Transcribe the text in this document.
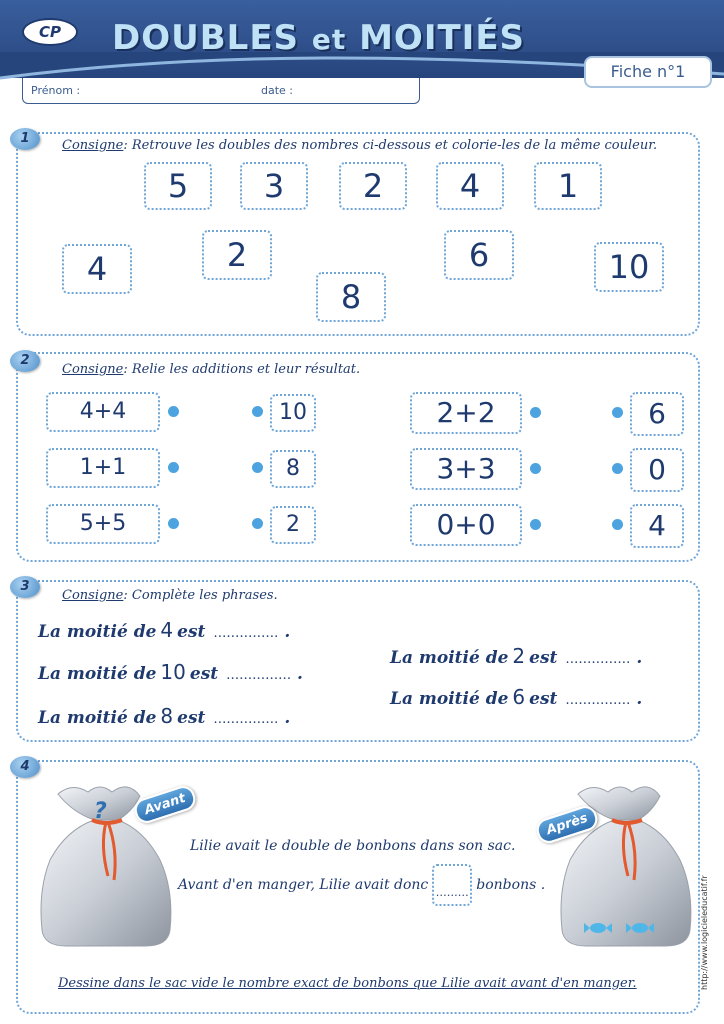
CP	DOUBLES et MOITIÉS
Fiche n°1
Prénom :	date :
1	Consigne: Retrouve les doubles des nombres ci-dessous et colorie-les de la même couleur.
5	3	2	4	1
4	2
8
6	10
2
Consigne: Relie les additions et leur résultat.
4+4
1+1
5+5
10
8
2
2+2
3+3
0+0
6
0
4
3
Consigne: Complète les phrases.
La moitié de 4 est …………… .
La moitié de 10 est …………… .
La moitié de 8 est …………… .
La moitié de 2 est …………… .
La moitié de 6 est …………… .
4
?	Avant
Après
Lilie avait le double de bonbons dans son sac.
Avant d'en manger, Lilie avait donc ……… bonbons .
Dessine dans le sac vide le nombre exact de bonbons que Lilie avait avant d'en manger.	http://www.logicieleducatif.fr
